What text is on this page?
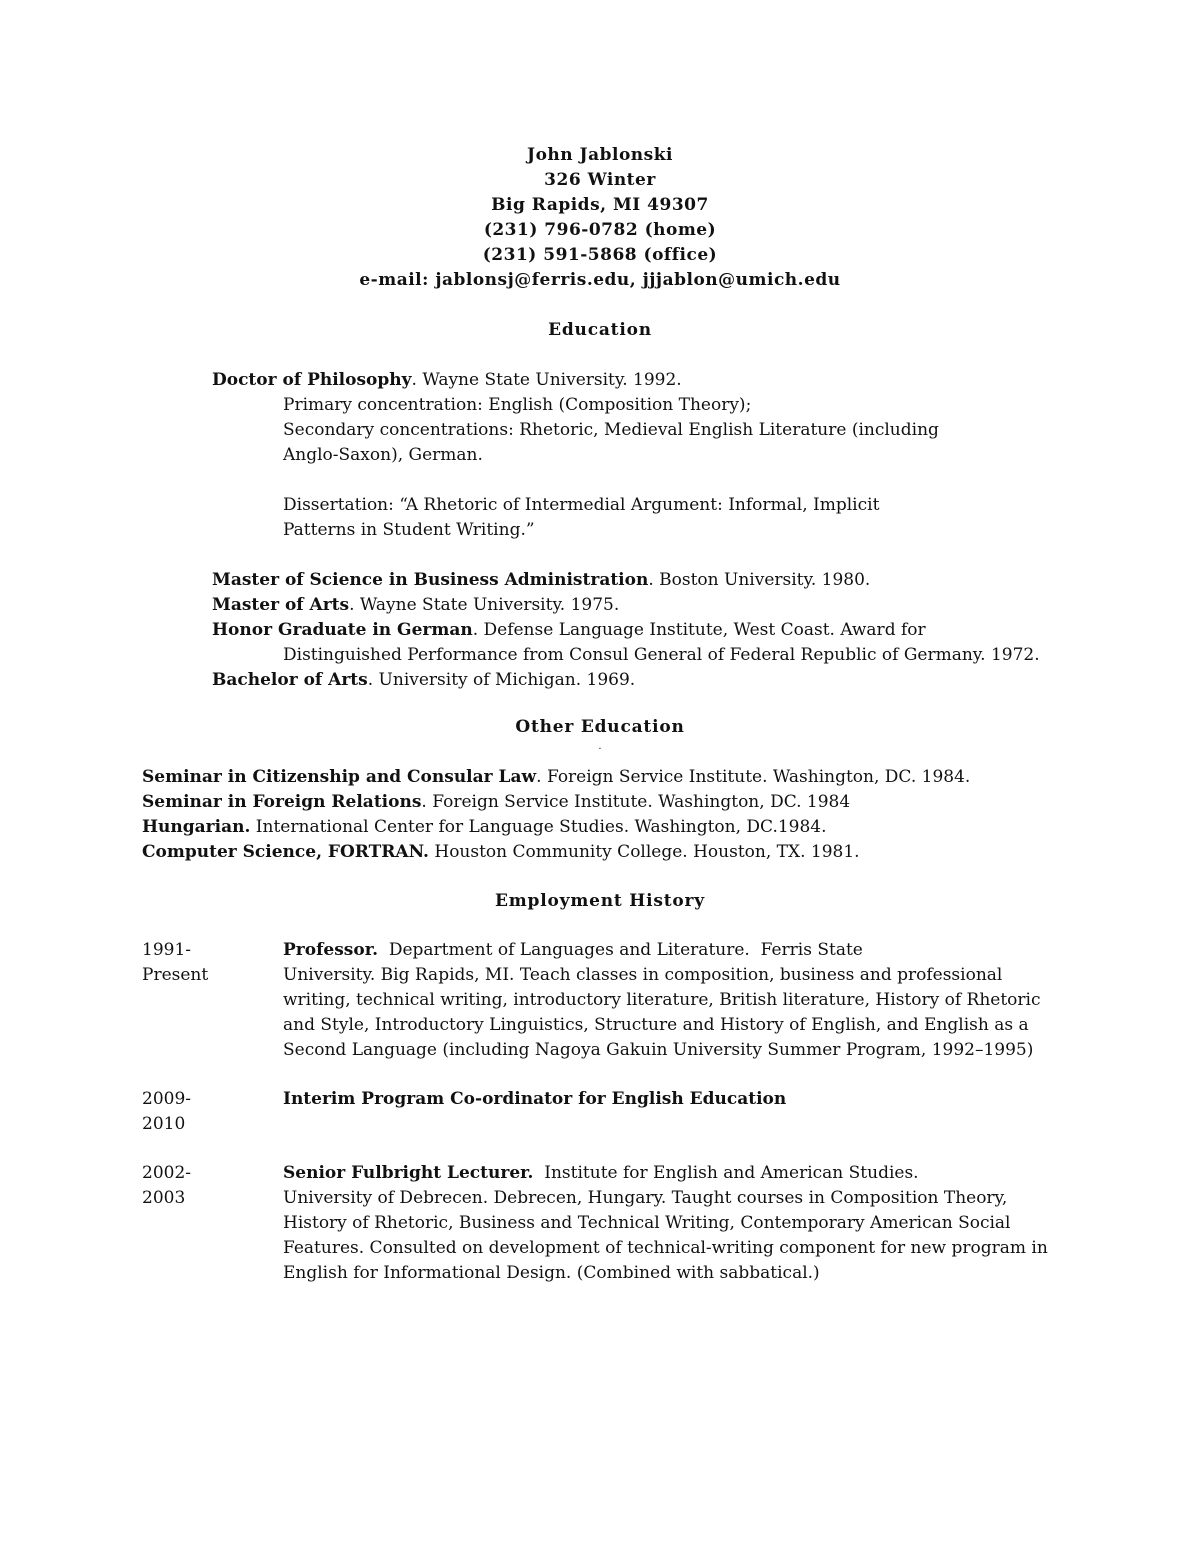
John Jablonski
326 Winter
Big Rapids, MI 49307
(231) 796-0782 (home)
(231) 591-5868 (office)
e-mail: jablonsj@ferris.edu, jjjablon@umich.edu
Education
Doctor of Philosophy. Wayne State University. 1992.
Primary concentration: English (Composition Theory);
Secondary concentrations: Rhetoric, Medieval English Literature (including
Anglo-Saxon), German.
Dissertation: “A Rhetoric of Intermedial Argument: Informal, Implicit
Patterns in Student Writing.”
Master of Science in Business Administration. Boston University. 1980.
Master of Arts. Wayne State University. 1975.
Honor Graduate in German. Defense Language Institute, West Coast. Award for
Distinguished Performance from Consul General of Federal Republic of Germany. 1972.
Bachelor of Arts. University of Michigan. 1969.
Other Education
.
Seminar in Citizenship and Consular Law. Foreign Service Institute. Washington, DC. 1984.
Seminar in Foreign Relations. Foreign Service Institute. Washington, DC. 1984
Hungarian. International Center for Language Studies. Washington, DC.1984.
Computer Science, FORTRAN. Houston Community College. Houston, TX. 1981.
Employment History
1991-
Present
Professor.  Department of Languages and Literature.  Ferris State
University. Big Rapids, MI. Teach classes in composition, business and professional
writing, technical writing, introductory literature, British literature, History of Rhetoric
and Style, Introductory Linguistics, Structure and History of English, and English as a
Second Language (including Nagoya Gakuin University Summer Program, 1992–1995)
2009-
2010
Interim Program Co-ordinator for English Education
2002-
2003
Senior Fulbright Lecturer.  Institute for English and American Studies.
University of Debrecen. Debrecen, Hungary. Taught courses in Composition Theory,
History of Rhetoric, Business and Technical Writing, Contemporary American Social
Features. Consulted on development of technical-writing component for new program in
English for Informational Design. (Combined with sabbatical.)
